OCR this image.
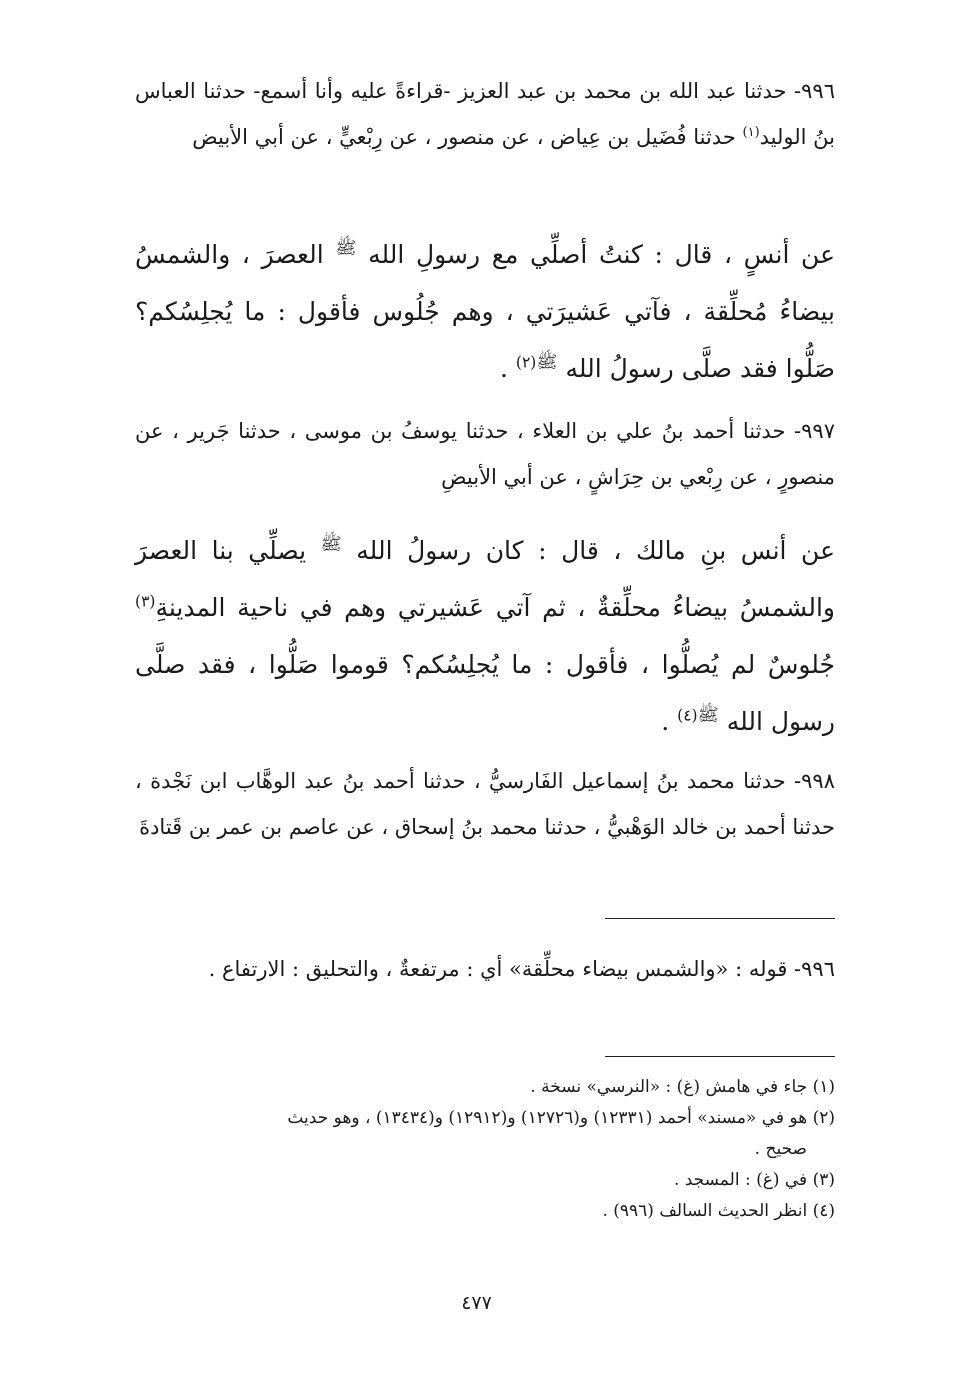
٩٩٦- حدثنا عبد الله بن محمد بن عبد العزيز -قراءةً عليه وأنا أسمع- حدثنا العباس بنُ الوليد$^{(١)}$ حدثنا فُضَيل بن عِياض ، عن منصور ، عن رِبْعيٍّ ، عن أبي الأبيض

عن أنسٍ ، قال : كنتُ أصلِّي مع رسولِ الله $^ﷺ$ العصرَ ، والشمسُ بيضاءُ مُحلِّقة ، فآتي عَشيرَتي ، وهم جُلُوس فأقول : ما يُجلِسُكم؟ صَلُّوا فقد صلَّى رسولُ الله $^{ﷺ(٢)}$ .

٩٩٧- حدثنا أحمد بنُ علي بن العلاء ، حدثنا يوسفُ بن موسى ، حدثنا جَرير ، عن منصورٍ ، عن رِبْعي بن حِرَاشٍ ، عن أبي الأبيضِ

عن أنس بنِ مالك ، قال : كان رسولُ الله $^ﷺ$ يصلِّي بنا العصرَ والشمسُ بيضاءُ محلِّقةٌ ، ثم آتي عَشيرتي وهم في ناحية المدينةِ$^{(٣)}$ جُلوسٌ لم يُصلُّوا ، فأقول : ما يُجلِسُكم؟ قوموا صَلُّوا ، فقد صلَّى رسول الله $^{ﷺ(٤)}$ .

٩٩٨- حدثنا محمد بنُ إسماعيل الفَارسيُّ ، حدثنا أحمد بنُ عبد الوهَّاب ابن نَجْدة ، حدثنا أحمد بن خالد الوَهْبيُّ ، حدثنا محمد بنُ إسحاق ، عن عاصم بن عمر بن قَتادةَ

٩٩٦- قوله : «والشمس بيضاء محلِّقة» أي : مرتفعةٌ ، والتحليق : الارتفاع .

(١) جاء في هامش (غ) : «النرسي» نسخة .

(٢) هو في «مسند» أحمد (١٢٣٣١) و(١٢٧٢٦) و(١٢٩١٢) و(١٣٤٣٤) ، وهو حديث

صحيح .

(٣) في (غ) : المسجد .

(٤) انظر الحديث السالف (٩٩٦) .

٤٧٧
